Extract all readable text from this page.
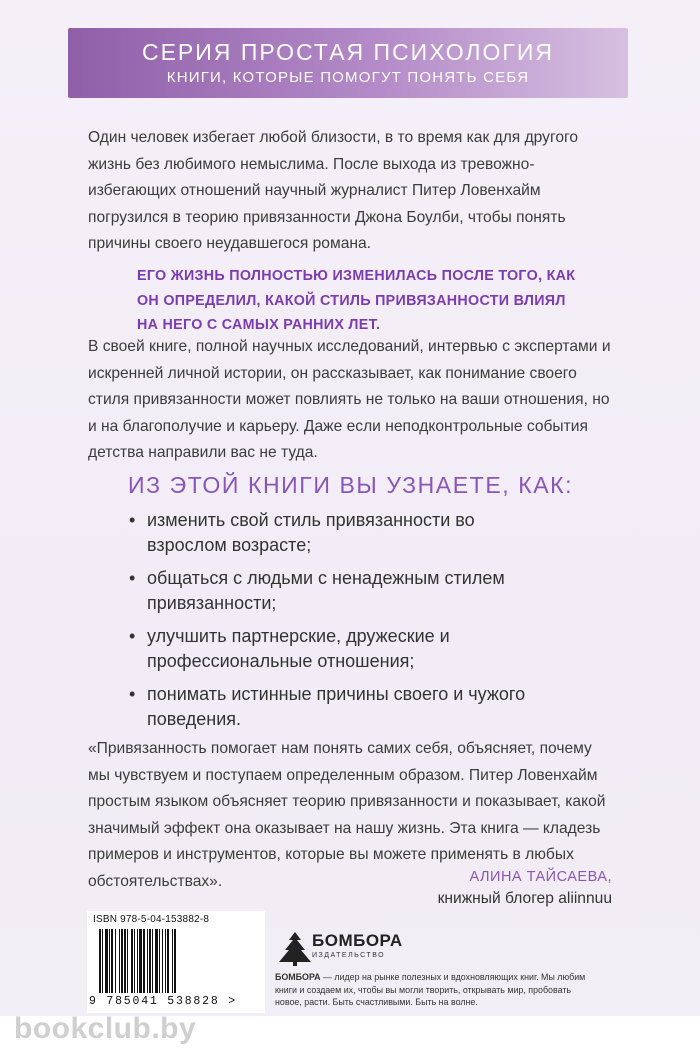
СЕРИЯ ПРОСТАЯ ПСИХОЛОГИЯ
КНИГИ, КОТОРЫЕ ПОМОГУТ ПОНЯТЬ СЕБЯ
Один человек избегает любой близости, в то время как для другого жизнь без любимого немыслима. После выхода из тревожно-избегающих отношений научный журналист Питер Ловенхайм погрузился в теорию привязанности Джона Боулби, чтобы понять причины своего неудавшегося романа.
ЕГО ЖИЗНЬ ПОЛНОСТЬЮ ИЗМЕНИЛАСЬ ПОСЛЕ ТОГО, КАК ОН ОПРЕДЕЛИЛ, КАКОЙ СТИЛЬ ПРИВЯЗАННОСТИ ВЛИЯЛ НА НЕГО С САМЫХ РАННИХ ЛЕТ.
В своей книге, полной научных исследований, интервью с экспертами и искренней личной истории, он рассказывает, как понимание своего стиля привязанности может повлиять не только на ваши отношения, но и на благополучие и карьеру. Даже если неподконтрольные события детства направили вас не туда.
ИЗ ЭТОЙ КНИГИ ВЫ УЗНАЕТЕ, КАК:
• изменить свой стиль привязанности во взрослом возрасте;
• общаться с людьми с ненадежным стилем привязанности;
• улучшить партнерские, дружеские и профессиональные отношения;
• понимать истинные причины своего и чужого поведения.
«Привязанность помогает нам понять самих себя, объясняет, почему мы чувствуем и поступаем определенным образом. Питер Ловенхайм простым языком объясняет теорию привязанности и показывает, какой значимый эффект она оказывает на нашу жизнь. Эта книга — кладезь примеров и инструментов, которые вы можете применять в любых обстоятельствах».	АЛИНА ТАЙСАЕВА,
книжный блогер aliinnuu
ISBN 978-5-04-153882-8
9 785041 538828 >
БОМБОРА
ИЗДАТЕЛЬСТВО
БОМБОРА — лидер на рынке полезных и вдохновляющих книг. Мы любим книги и создаем их, чтобы вы могли творить, открывать мир, пробовать новое, расти. Быть счастливыми. Быть на волне.
bookclub.by
